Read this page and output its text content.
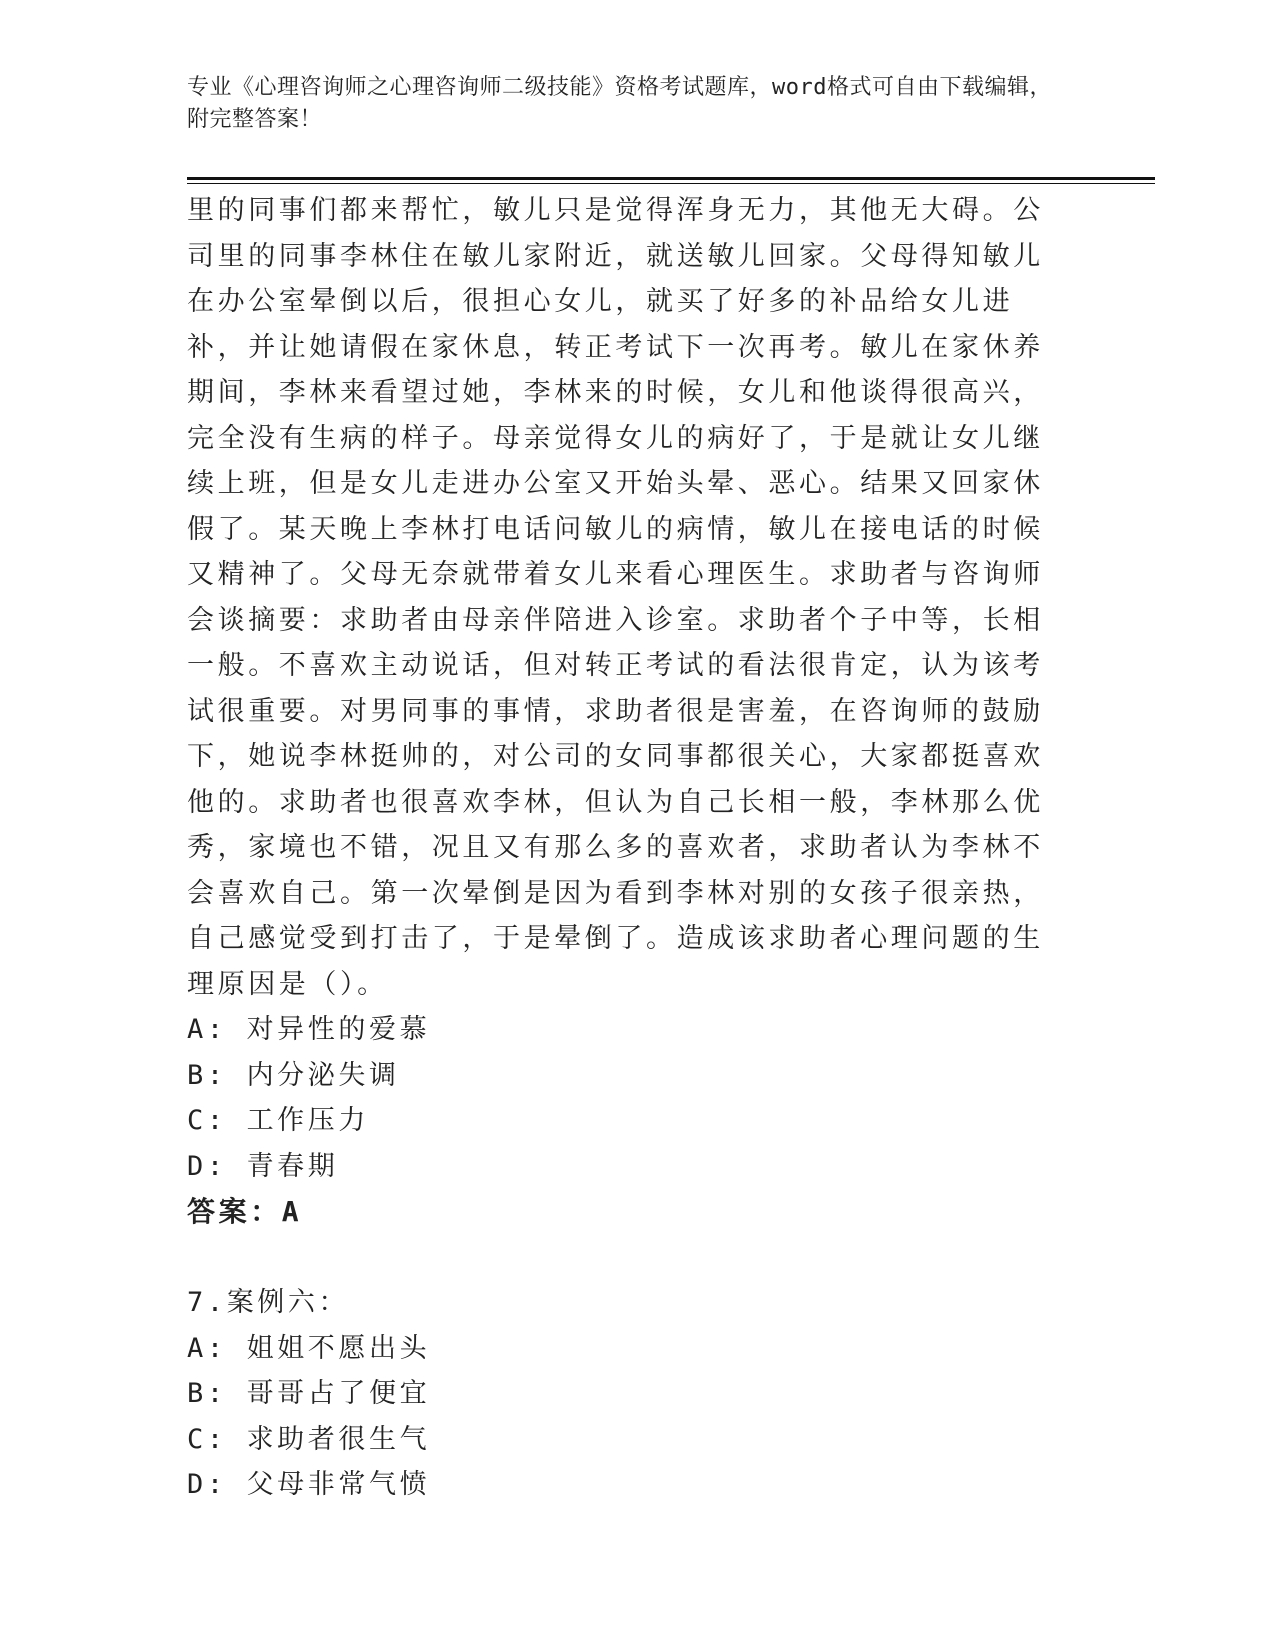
专业《心理咨询师之心理咨询师二级技能》资格考试题库，word格式可自由下载编辑，附完整答案！

里的同事们都来帮忙，敏儿只是觉得浑身无力，其他无大碍。公司里的同事李林住在敏儿家附近，就送敏儿回家。父母得知敏儿在办公室晕倒以后，很担心女儿，就买了好多的补品给女儿进补，并让她请假在家休息，转正考试下一次再考。敏儿在家休养期间，李林来看望过她，李林来的时候，女儿和他谈得很高兴，完全没有生病的样子。母亲觉得女儿的病好了，于是就让女儿继续上班，但是女儿走进办公室又开始头晕、恶心。结果又回家休假了。某天晚上李林打电话问敏儿的病情，敏儿在接电话的时候又精神了。父母无奈就带着女儿来看心理医生。求助者与咨询师会谈摘要：求助者由母亲伴陪进入诊室。求助者个子中等，长相一般。不喜欢主动说话，但对转正考试的看法很肯定，认为该考试很重要。对男同事的事情，求助者很是害羞，在咨询师的鼓励下，她说李林挺帅的，对公司的女同事都很关心，大家都挺喜欢他的。求助者也很喜欢李林，但认为自己长相一般，李林那么优秀，家境也不错，况且又有那么多的喜欢者，求助者认为李林不会喜欢自己。第一次晕倒是因为看到李林对别的女孩子很亲热，自己感觉受到打击了，于是晕倒了。造成该求助者心理问题的生理原因是（）。

A: 对异性的爱慕

B: 内分泌失调

C: 工作压力

D: 青春期

答案：A

7.案例六：

A: 姐姐不愿出头

B: 哥哥占了便宜

C: 求助者很生气

D: 父母非常气愤
